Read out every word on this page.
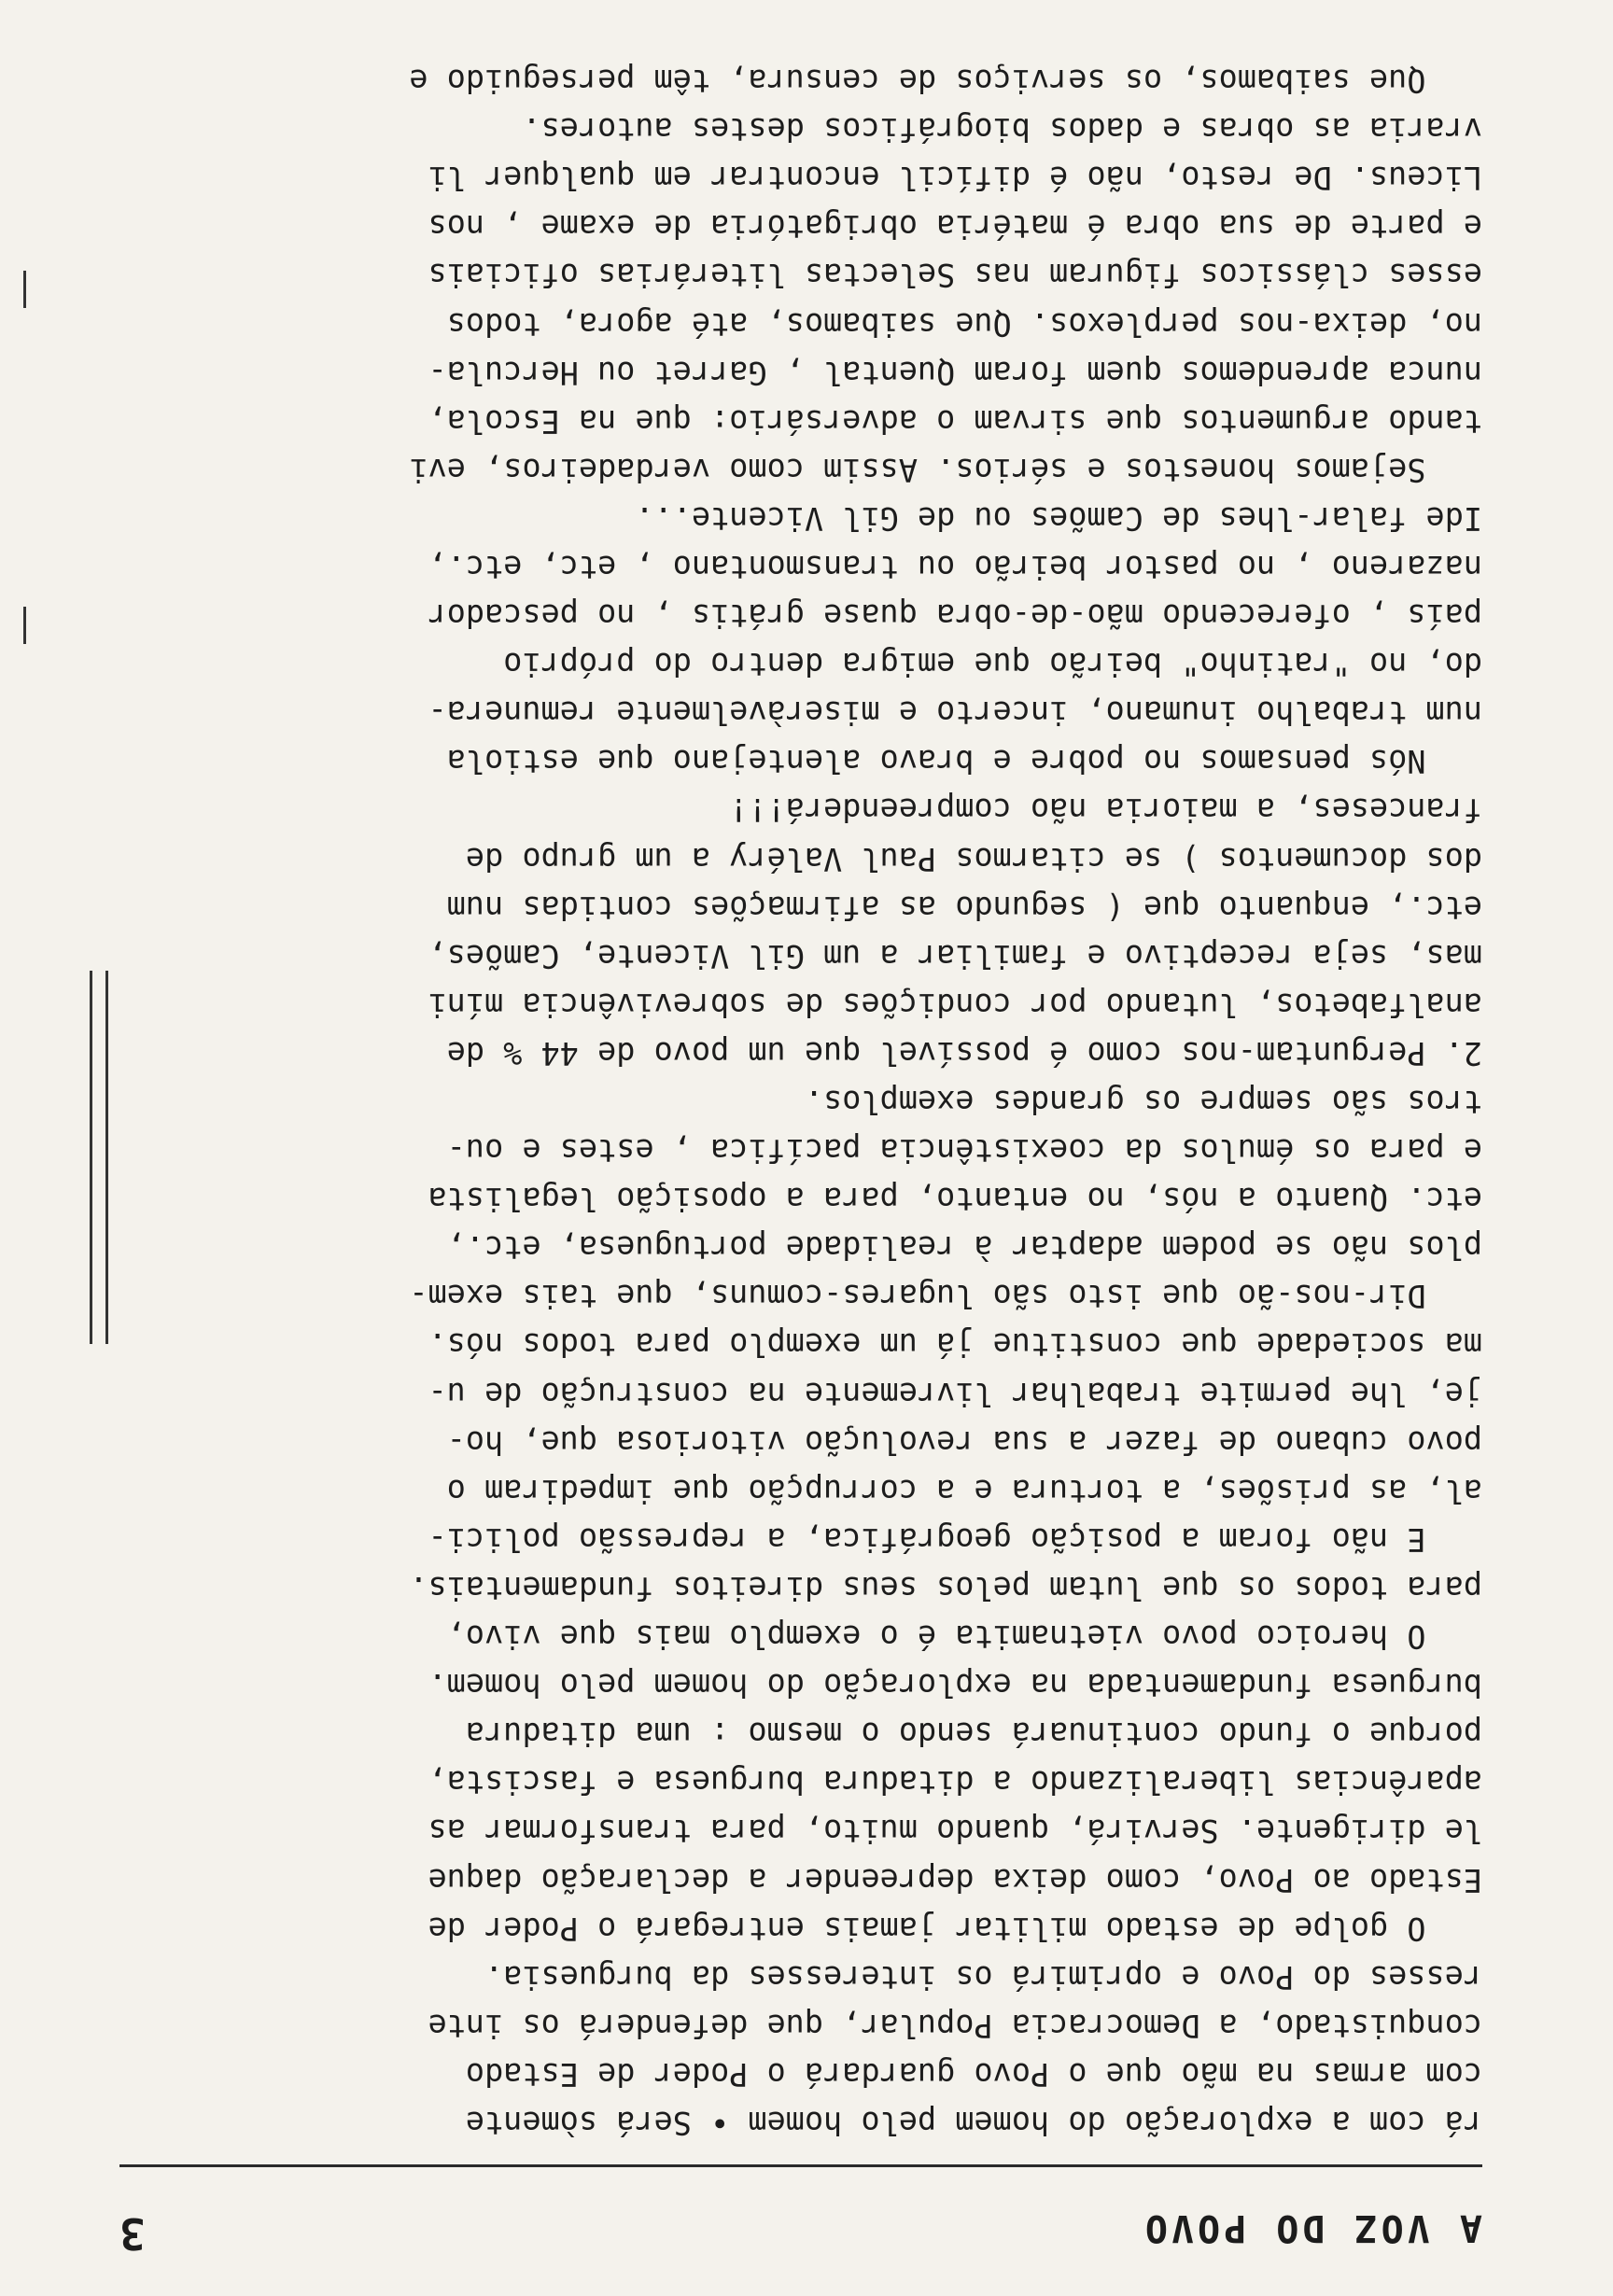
A VOZ DO POVO
3
rá com a exploração do homem pelo homem • Será sòmente
com armas na mão que o Povo guardará o Poder de Estado
conquistado, a Democracia Popular, que defenderá os inte
resses do Povo e oprimirá os interesses da burguesia.
O golpe de estado militar jamais entregará o Poder de
Estado ao Povo, como deixa depreender a declaração daque
le dirigente. Servirá, quando muito, para transformar as
aparências liberalizando a ditadura burguesa e fascista,
porque o fundo continuará sendo o mesmo : uma ditadura
burguesa fundamentada na exploração do homem pelo homem.
O heroico povo vietnamita é o exemplo mais que vivo,
para todos os que lutam pelos seus direitos fundamentais.
E não foram a posição geográfica, a repressão polici-
al, as prisões, a tortura e a corrupção que impediram o
povo cubano de fazer a sua revolução vitoriosa que, ho-
je, lhe permite trabalhar livremente na construção de u-
ma sociedade que constitue já um exemplo para todos nós.
Dir-nos-ão que isto são lugares-comuns, que tais exem-
plos não se podem adaptar à realidade portuguesa, etc.,
etc. Quanto a nós, no entanto, para a oposição legalista
e para os émulos da coexistência pacífica , estes e ou-
tros são sempre os grandes exemplos.
2. Perguntam-nos como é possível que um povo de 44 % de
analfabetos, lutando por condições de sobrevivência míni
mas, seja receptivo e familiar a um Gil Vicente, Camões,
etc., enquanto que ( segundo as afirmações contidas num
dos documentos ) se citarmos Paul Valéry a um grupo de
franceses, a maioria não compreenderá!!!
Nós pensamos no pobre e bravo alentejano que estiola
num trabalho inumano, incerto e miseràvelmente remunera-
do, no "ratinho" beirão que emigra dentro do próprio
país , oferecendo mão-de-obra quase grátis , no pescador
nazareno , no pastor beirão ou transmontano , etc, etc.,
Ide falar-lhes de Camões ou de Gil Vicente...
Sejamos honestos e sérios. Assim como verdadeiros, evi
tando argumentos que sirvam o adversário: que na Escola,
nunca aprendemos quem foram Quental , Garret ou Hercula-
no, deixa-nos perplexos. Que saibamos, até agora, todos
esses clássicos figuram nas Selectas literárias oficiais
e parte de sua obra é matéria obrigatória de exame , nos
Liceus. De resto, não é difícil encontrar em qualquer li
vraria as obras e dados biográficos destes autores.
Que saibamos, os serviços de censura, têm perseguido e
